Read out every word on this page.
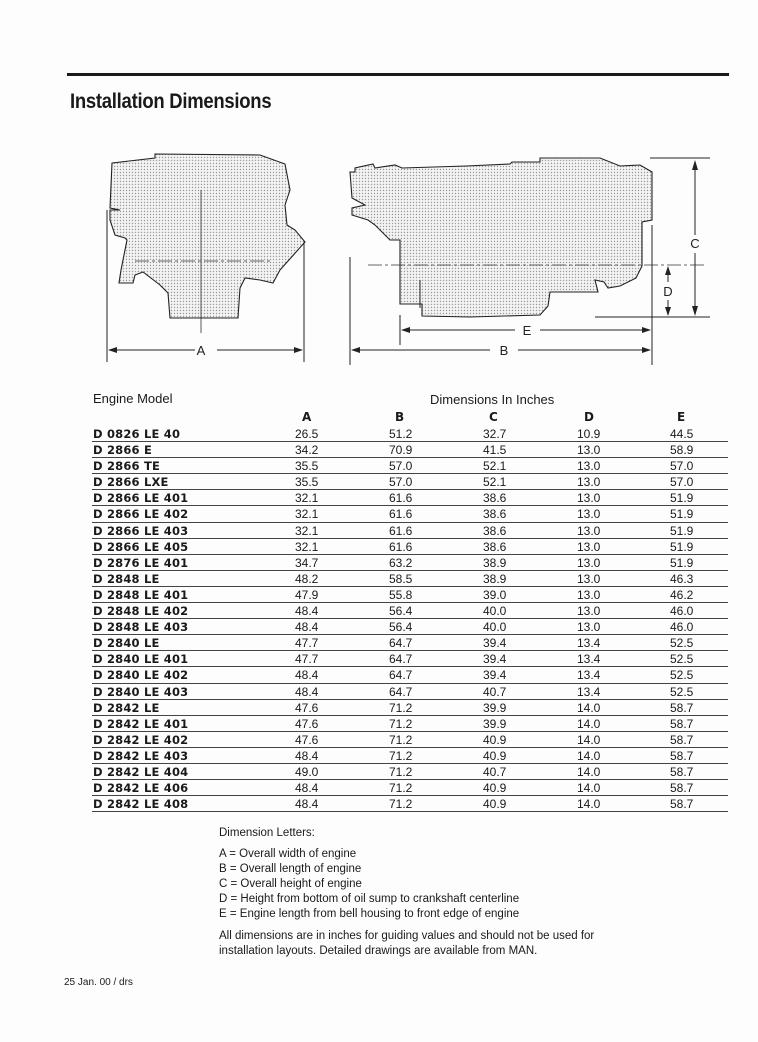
Installation Dimensions
A
C
D
E
B
Engine Model	Dimensions In Inches
A	B	C	D	E
D 0826 LE 40	26.5	51.2	32.7	10.9	44.5
D 2866 E	34.2	70.9	41.5	13.0	58.9
D 2866 TE	35.5	57.0	52.1	13.0	57.0
D 2866 LXE	35.5	57.0	52.1	13.0	57.0
D 2866 LE 401	32.1	61.6	38.6	13.0	51.9
D 2866 LE 402	32.1	61.6	38.6	13.0	51.9
D 2866 LE 403	32.1	61.6	38.6	13.0	51.9
D 2866 LE 405	32.1	61.6	38.6	13.0	51.9
D 2876 LE 401	34.7	63.2	38.9	13.0	51.9
D 2848 LE	48.2	58.5	38.9	13.0	46.3
D 2848 LE 401	47.9	55.8	39.0	13.0	46.2
D 2848 LE 402	48.4	56.4	40.0	13.0	46.0
D 2848 LE 403	48.4	56.4	40.0	13.0	46.0
D 2840 LE	47.7	64.7	39.4	13.4	52.5
D 2840 LE 401	47.7	64.7	39.4	13.4	52.5
D 2840 LE 402	48.4	64.7	39.4	13.4	52.5
D 2840 LE 403	48.4	64.7	40.7	13.4	52.5
D 2842 LE	47.6	71.2	39.9	14.0	58.7
D 2842 LE 401	47.6	71.2	39.9	14.0	58.7
D 2842 LE 402	47.6	71.2	40.9	14.0	58.7
D 2842 LE 403	48.4	71.2	40.9	14.0	58.7
D 2842 LE 404	49.0	71.2	40.7	14.0	58.7
D 2842 LE 406	48.4	71.2	40.9	14.0	58.7
D 2842 LE 408	48.4	71.2	40.9	14.0	58.7
Dimension Letters:
A = Overall width of engine
B = Overall length of engine
C = Overall height of engine
D = Height from bottom of oil sump to crankshaft centerline
E = Engine length from bell housing to front edge of engine
All dimensions are in inches for guiding values and should not be used for installation layouts. Detailed drawings are available from MAN.
25 Jan. 00 / drs
